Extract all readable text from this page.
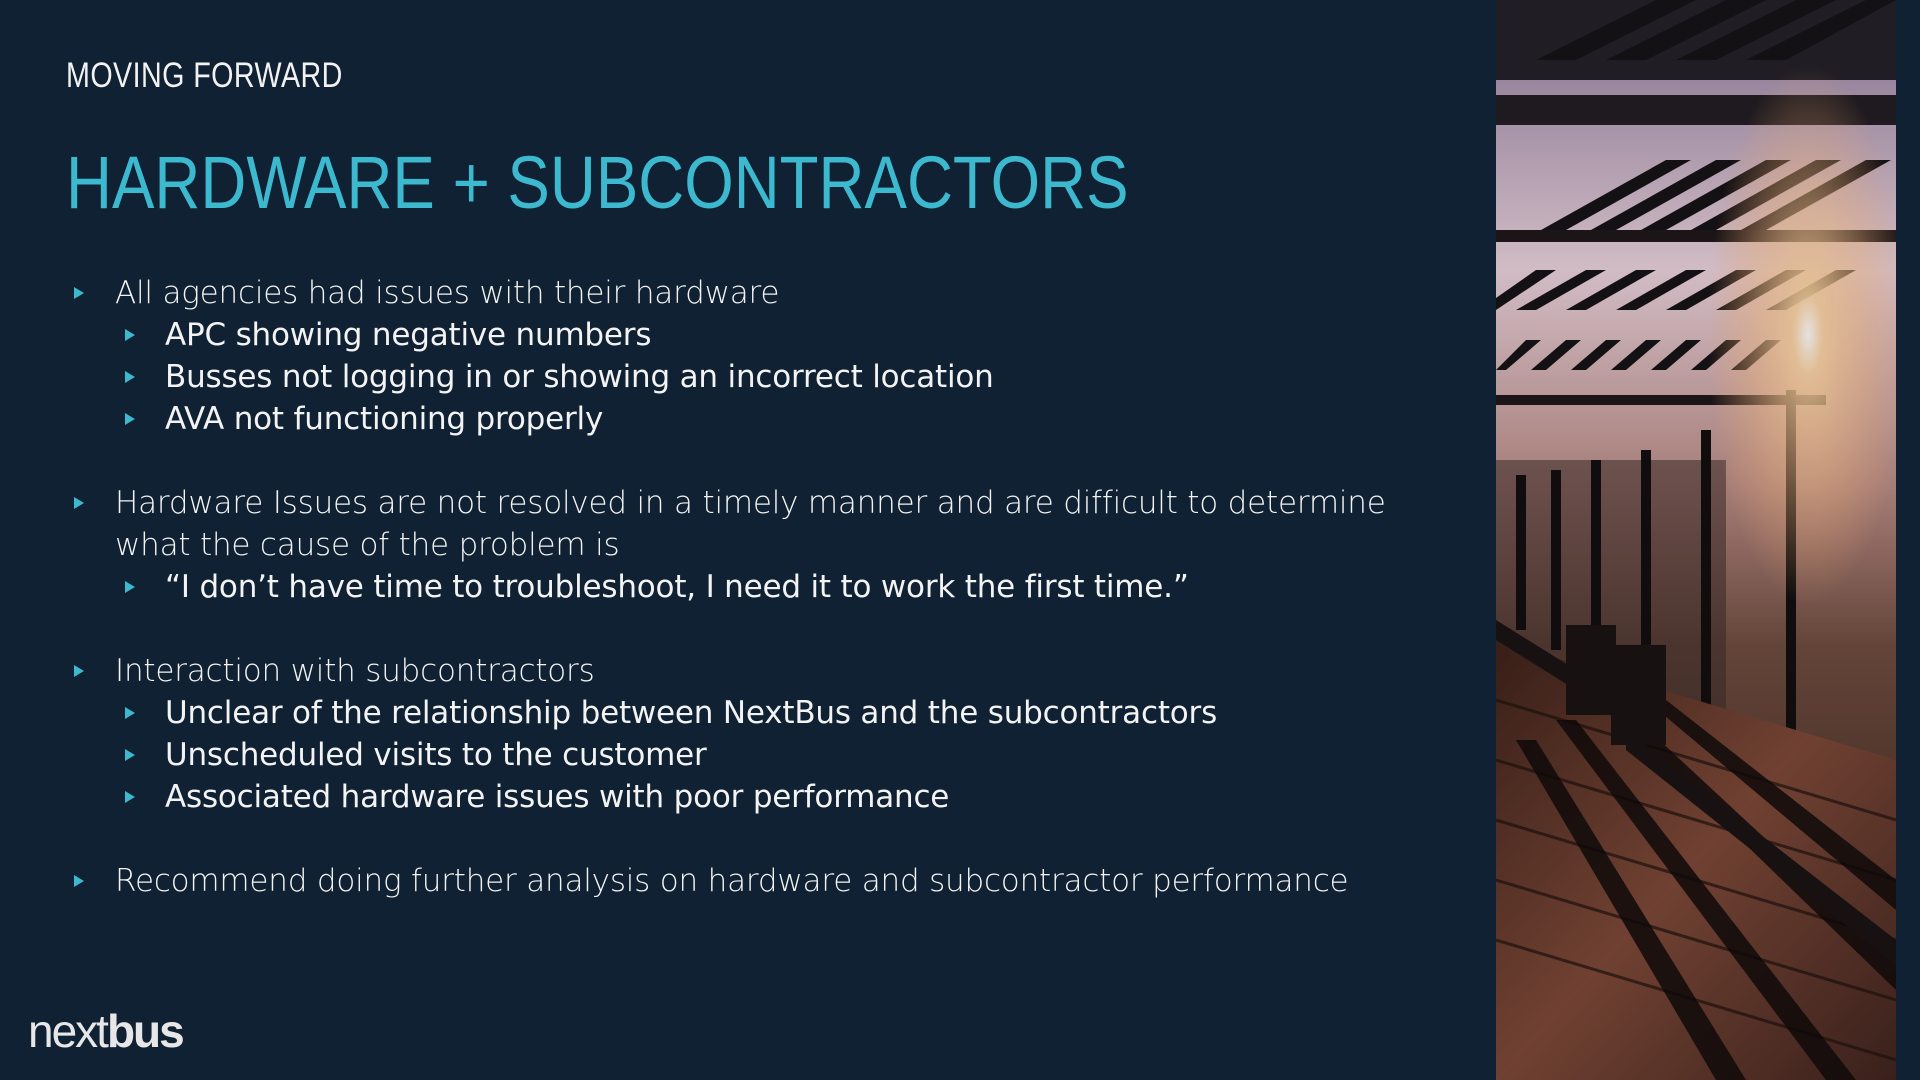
MOVING FORWARD
HARDWARE + SUBCONTRACTORS
All agencies had issues with their hardware
APC showing negative numbers
Busses not logging in or showing an incorrect location
AVA not functioning properly
Hardware Issues are not resolved in a timely manner and are difficult to determine what the cause of the problem is
“I don’t have time to troubleshoot, I need it to work the first time.”
Interaction with subcontractors
Unclear of the relationship between NextBus and the subcontractors
Unscheduled visits to the customer
Associated hardware issues with poor performance
Recommend doing further analysis on hardware and subcontractor performance
nextbus
